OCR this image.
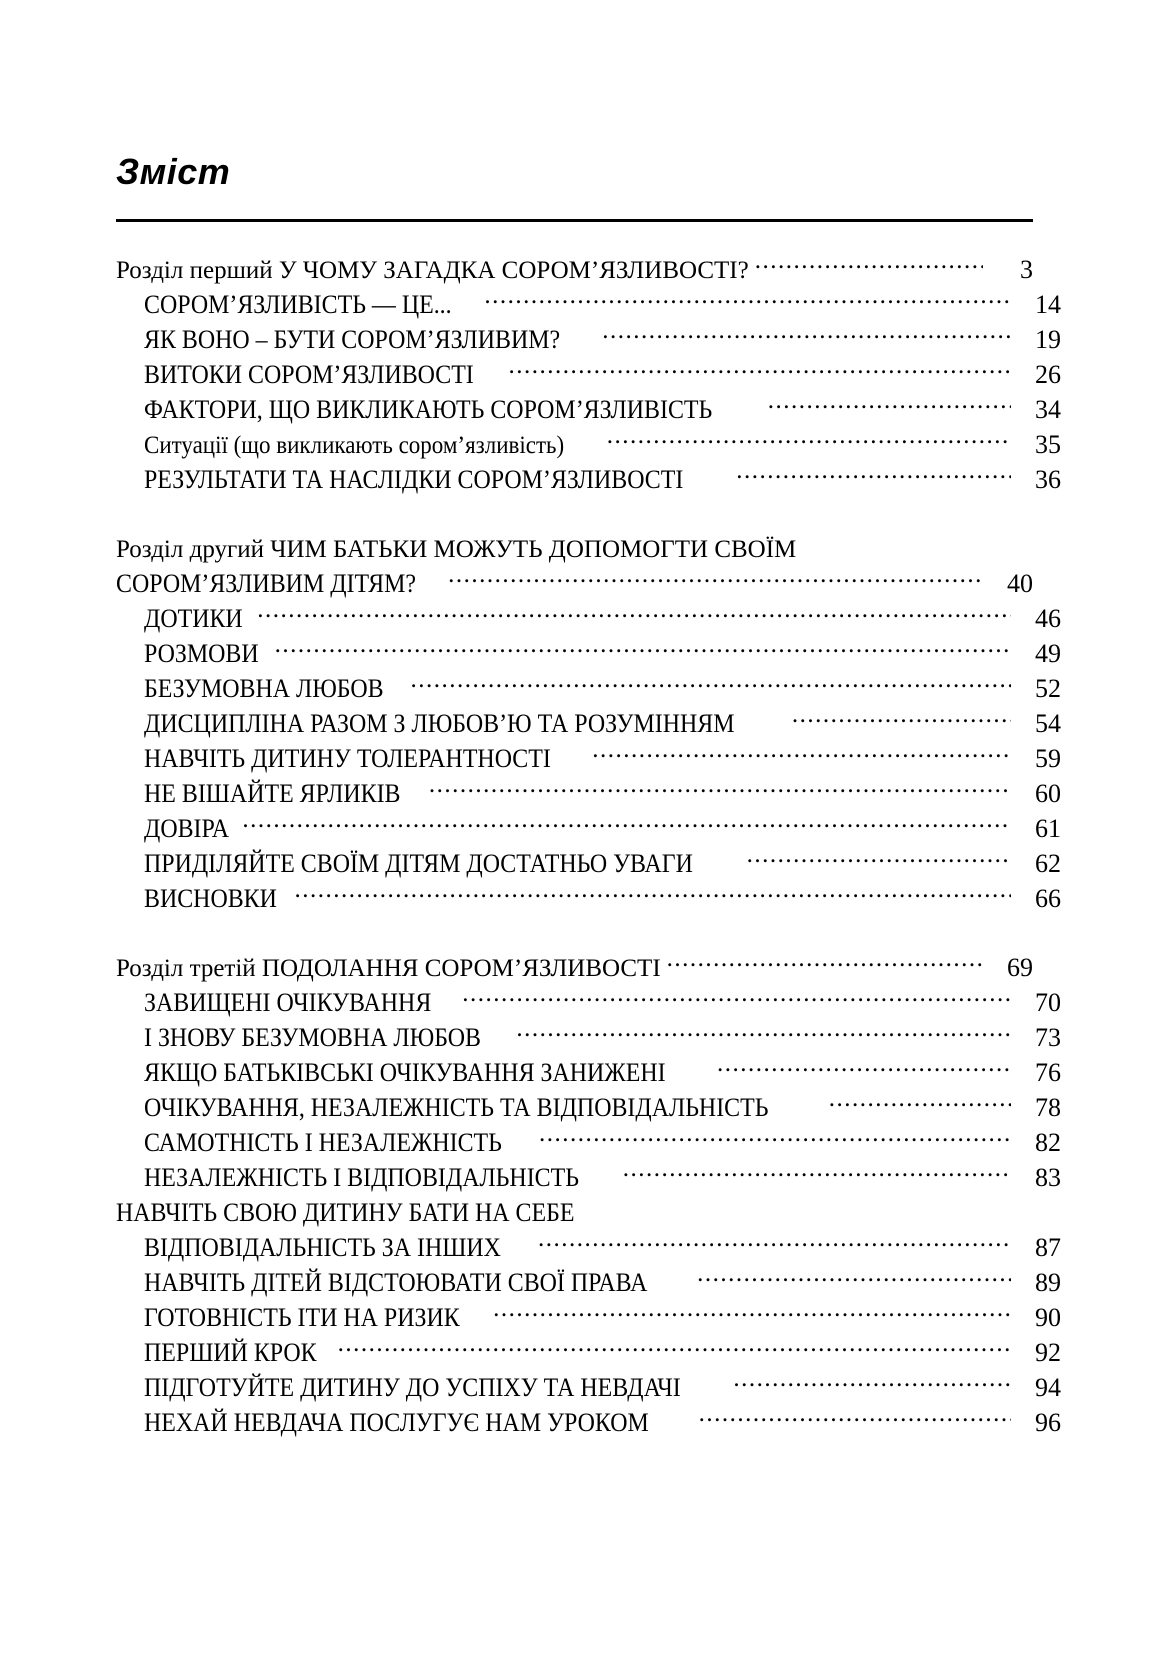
Зміст
Розділ перший У ЧОМУ ЗАГАДКА СОРОМ’ЯЗЛИВОСТІ? .....	3
СОРОМ’ЯЗЛИВІСТЬ — ЦЕ... .....	14
ЯК ВОНО – БУТИ СОРОМ’ЯЗЛИВИМ? .....	19
ВИТОКИ СОРОМ’ЯЗЛИВОСТІ .....	26
ФАКТОРИ, ЩО ВИКЛИКАЮТЬ СОРОМ’ЯЗЛИВІСТЬ .....	34
Ситуації (що викликають сором’язливість) .....	35
РЕЗУЛЬТАТИ ТА НАСЛІДКИ СОРОМ’ЯЗЛИВОСТІ .....	36
Розділ другий ЧИМ БАТЬКИ МОЖУТЬ ДОПОМОГТИ СВОЇМ
СОРОМ’ЯЗЛИВИМ ДІТЯМ? .....	40
ДОТИКИ .....	46
РОЗМОВИ .....	49
БЕЗУМОВНА ЛЮБОВ .....	52
ДИСЦИПЛІНА РАЗОМ З ЛЮБОВ’Ю ТА РОЗУМІННЯМ .....	54
НАВЧІТЬ ДИТИНУ ТОЛЕРАНТНОСТІ .....	59
НЕ ВІШАЙТЕ ЯРЛИКІВ .....	60
ДОВІРА .....	61
ПРИДІЛЯЙТЕ СВОЇМ ДІТЯМ ДОСТАТНЬО УВАГИ .....	62
ВИСНОВКИ .....	66
Розділ третій ПОДОЛАННЯ СОРОМ’ЯЗЛИВОСТІ .....	69
ЗАВИЩЕНІ ОЧІКУВАННЯ .....	70
І ЗНОВУ БЕЗУМОВНА ЛЮБОВ .....	73
ЯКЩО БАТЬКІВСЬКІ ОЧІКУВАННЯ ЗАНИЖЕНІ .....	76
ОЧІКУВАННЯ, НЕЗАЛЕЖНІСТЬ ТА ВІДПОВІДАЛЬНІСТЬ .....	78
САМОТНІСТЬ І НЕЗАЛЕЖНІСТЬ .....	82
НЕЗАЛЕЖНІСТЬ І ВІДПОВІДАЛЬНІСТЬ .....	83
НАВЧІТЬ СВОЮ ДИТИНУ БАТИ НА СЕБЕ
ВІДПОВІДАЛЬНІСТЬ ЗА ІНШИХ .....	87
НАВЧІТЬ ДІТЕЙ ВІДСТОЮВАТИ СВОЇ ПРАВА .....	89
ГОТОВНІСТЬ ІТИ НА РИЗИК .....	90
ПЕРШИЙ КРОК .....	92
ПІДГОТУЙТЕ ДИТИНУ ДО УСПІХУ ТА НЕВДАЧІ .....	94
НЕХАЙ НЕВДАЧА ПОСЛУГУЄ НАМ УРОКОМ .....	96
